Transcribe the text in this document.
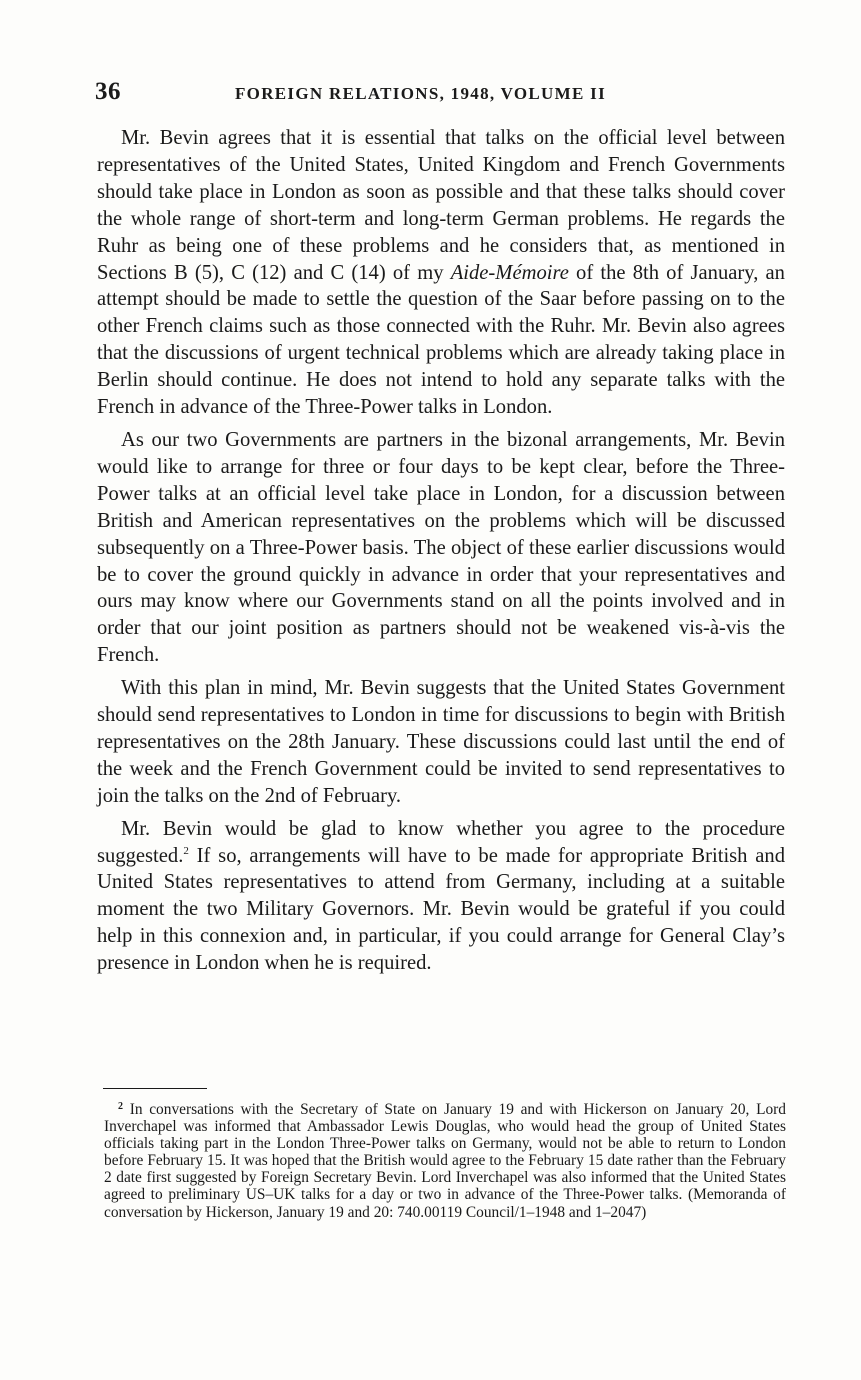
36	FOREIGN RELATIONS, 1948, VOLUME II

Mr. Bevin agrees that it is essential that talks on the official level between representatives of the United States, United Kingdom and French Governments should take place in London as soon as possible and that these talks should cover the whole range of short-term and long-term German problems. He regards the Ruhr as being one of these problems and he considers that, as mentioned in Sections B (5), C (12) and C (14) of my Aide-Mémoire of the 8th of January, an attempt should be made to settle the question of the Saar before passing on to the other French claims such as those connected with the Ruhr. Mr. Bevin also agrees that the discussions of urgent technical problems which are already taking place in Berlin should continue. He does not intend to hold any separate talks with the French in advance of the Three-Power talks in London.

As our two Governments are partners in the bizonal arrangements, Mr. Bevin would like to arrange for three or four days to be kept clear, before the Three-Power talks at an official level take place in London, for a discussion between British and American representatives on the problems which will be discussed subsequently on a Three-Power basis. The object of these earlier discussions would be to cover the ground quickly in advance in order that your representatives and ours may know where our Governments stand on all the points involved and in order that our joint position as partners should not be weakened vis-à-vis the French.

With this plan in mind, Mr. Bevin suggests that the United States Government should send representatives to London in time for discussions to begin with British representatives on the 28th January. These discussions could last until the end of the week and the French Government could be invited to send representatives to join the talks on the 2nd of February.

Mr. Bevin would be glad to know whether you agree to the procedure suggested.$^2$ If so, arrangements will have to be made for appropriate British and United States representatives to attend from Germany, including at a suitable moment the two Military Governors. Mr. Bevin would be grateful if you could help in this connexion and, in particular, if you could arrange for General Clay’s presence in London when he is required.

$^2$ In conversations with the Secretary of State on January 19 and with Hickerson on January 20, Lord Inverchapel was informed that Ambassador Lewis Douglas, who would head the group of United States officials taking part in the London Three-Power talks on Germany, would not be able to return to London before February 15. It was hoped that the British would agree to the February 15 date rather than the February 2 date first suggested by Foreign Secretary Bevin. Lord Inverchapel was also informed that the United States agreed to preliminary US–UK talks for a day or two in advance of the Three-Power talks. (Memoranda of conversation by Hickerson, January 19 and 20: 740.00119 Council/1–1948 and 1–2047)
